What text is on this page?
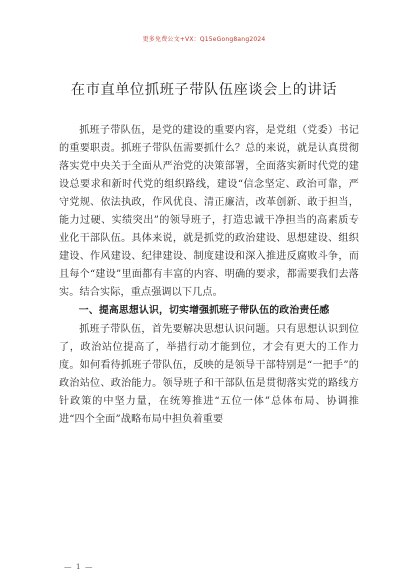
更多免费公文+VX：Q15eGong8ang2024
在市直单位抓班子带队伍座谈会上的讲话

抓班子带队伍，是党的建设的重要内容，是党组（党委）书记的重要职责。抓班子带队伍需要抓什么？总的来说，就是认真贯彻落实党中央关于全面从严治党的决策部署，全面落实新时代党的建设总要求和新时代党的组织路线，建设“信念坚定、政治可靠，严守党规、依法执政，作风优良、清正廉洁，改革创新、敢于担当，能力过硬、实绩突出”的领导班子，打造忠诚干净担当的高素质专业化干部队伍。具体来说，就是抓党的政治建设、思想建设、组织建设、作风建设、纪律建设、制度建设和深入推进反腐败斗争，而且每个“建设”里面都有丰富的内容、明确的要求，都需要我们去落实。结合实际，重点强调以下几点。

一、提高思想认识，切实增强抓班子带队伍的政治责任感

抓班子带队伍，首先要解决思想认识问题。只有思想认识到位了，政治站位提高了，举措行动才能到位，才会有更大的工作力度。如何看待抓班子带队伍，反映的是领导干部特别是“一把手”的政治站位、政治能力。领导班子和干部队伍是贯彻落实党的路线方针政策的中坚力量，在统筹推进“五位一体”总体布局、协调推进“四个全面”战略布局中担负着重要

— 1 —
